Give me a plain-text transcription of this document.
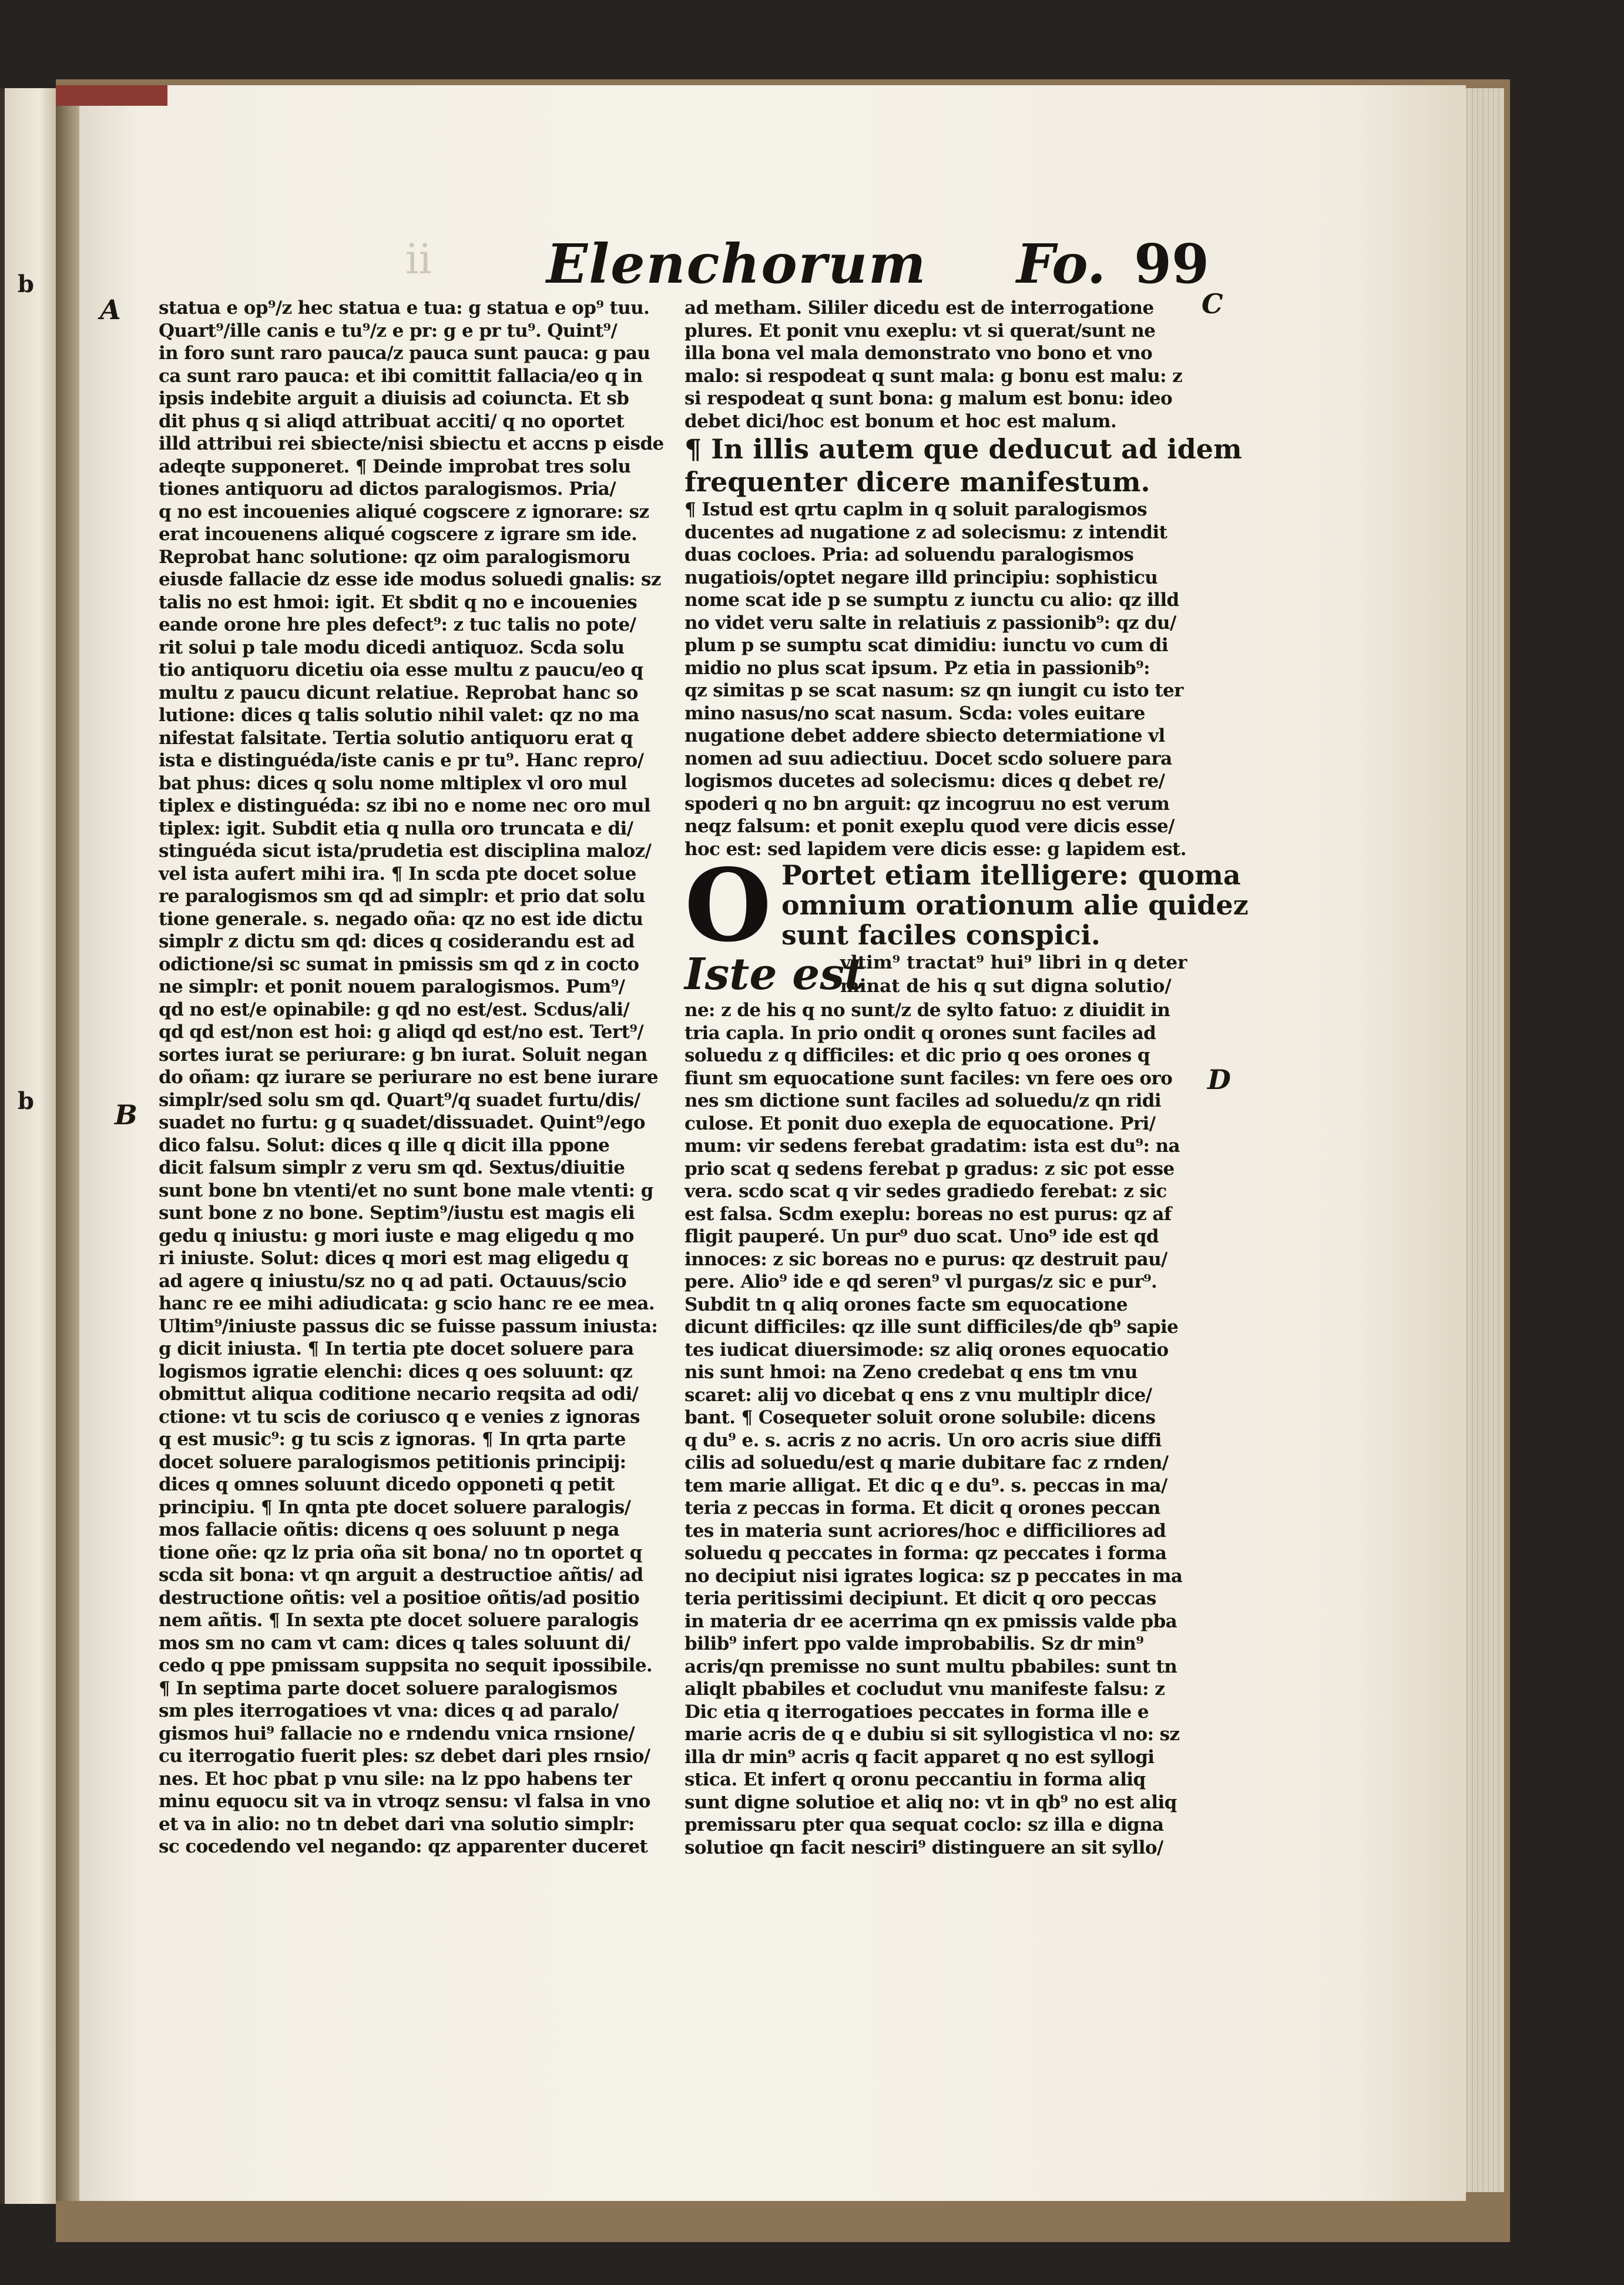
b
b
ii Elenchorum Fo. 99
A
B
C
D
statua e op⁹/z hec statua e tua: g statua e op⁹ tuu.
Quart⁹/ille canis e tu⁹/z e pr: g e pr tu⁹. Quint⁹/
in foro sunt raro pauca/z pauca sunt pauca: g pau
ca sunt raro pauca: et ibi comittit fallacia/eo q in
ipsis indebite arguit a diuisis ad coiuncta. Et sb
dit phus q si aliqd attribuat acciti/ q no oportet
illd attribui rei sbiecte/nisi sbiectu et accns p eisde
adeqte supponeret. ¶ Deinde improbat tres solu
tiones antiquoru ad dictos paralogismos. Pria/
q no est incouenies aliqué cogscere z ignorare: sz
erat incouenens aliqué cogscere z igrare sm ide.
Reprobat hanc solutione: qz oim paralogismoru
eiusde fallacie dz esse ide modus soluedi gnalis: sz
talis no est hmoi: igit. Et sbdit q no e incouenies
eande orone hre ples defect⁹: z tuc talis no pote/
rit solui p tale modu dicedi antiquoz. Scda solu
tio antiquoru dicetiu oia esse multu z paucu/eo q
multu z paucu dicunt relatiue. Reprobat hanc so
lutione: dices q talis solutio nihil valet: qz no ma
nifestat falsitate. Tertia solutio antiquoru erat q
ista e distinguéda/iste canis e pr tu⁹. Hanc repro/
bat phus: dices q solu nome mltiplex vl oro mul
tiplex e distinguéda: sz ibi no e nome nec oro mul
tiplex: igit. Subdit etia q nulla oro truncata e di/
stinguéda sicut ista/prudetia est disciplina maloz/
vel ista aufert mihi ira. ¶ In scda pte docet solue
re paralogismos sm qd ad simplr: et prio dat solu
tione generale. s. negado oña: qz no est ide dictu
simplr z dictu sm qd: dices q cosiderandu est ad
odictione/si sc sumat in pmissis sm qd z in cocto
ne simplr: et ponit nouem paralogismos. Pum⁹/
qd no est/e opinabile: g qd no est/est. Scdus/ali/
qd qd est/non est hoi: g aliqd qd est/no est. Tert⁹/
sortes iurat se periurare: g bn iurat. Soluit negan
do oñam: qz iurare se periurare no est bene iurare
simplr/sed solu sm qd. Quart⁹/q suadet furtu/dis/
suadet no furtu: g q suadet/dissuadet. Quint⁹/ego
dico falsu. Solut: dices q ille q dicit illa ppone
dicit falsum simplr z veru sm qd. Sextus/diuitie
sunt bone bn vtenti/et no sunt bone male vtenti: g
sunt bone z no bone. Septim⁹/iustu est magis eli
gedu q iniustu: g mori iuste e mag eligedu q mo
ri iniuste. Solut: dices q mori est mag eligedu q
ad agere q iniustu/sz no q ad pati. Octauus/scio
hanc re ee mihi adiudicata: g scio hanc re ee mea.
Ultim⁹/iniuste passus dic se fuisse passum iniusta:
g dicit iniusta. ¶ In tertia pte docet soluere para
logismos igratie elenchi: dices q oes soluunt: qz
obmittut aliqua coditione necario reqsita ad odi/
ctione: vt tu scis de coriusco q e venies z ignoras
q est music⁹: g tu scis z ignoras. ¶ In qrta parte
docet soluere paralogismos petitionis principij:
dices q omnes soluunt dicedo opponeti q petit
principiu. ¶ In qnta pte docet soluere paralogis/
mos fallacie oñtis: dicens q oes soluunt p nega
tione oñe: qz lz pria oña sit bona/ no tn oportet q
scda sit bona: vt qn arguit a destructioe añtis/ ad
destructione oñtis: vel a positioe oñtis/ad positio
nem añtis. ¶ In sexta pte docet soluere paralogis
mos sm no cam vt cam: dices q tales soluunt di/
cedo q ppe pmissam suppsita no sequit ipossibile.
¶ In septima parte docet soluere paralogismos
sm ples iterrogatioes vt vna: dices q ad paralo/
gismos hui⁹ fallacie no e rndendu vnica rnsione/
cu iterrogatio fuerit ples: sz debet dari ples rnsio/
nes. Et hoc pbat p vnu sile: na lz ppo habens ter
minu equocu sit va in vtroqz sensu: vl falsa in vno
et va in alio: no tn debet dari vna solutio simplr:
sc cocedendo vel negando: qz apparenter duceret
ad metham. Sililer dicedu est de interrogatione
plures. Et ponit vnu exeplu: vt si querat/sunt ne
illa bona vel mala demonstrato vno bono et vno
malo: si respodeat q sunt mala: g bonu est malu: z
si respodeat q sunt bona: g malum est bonu: ideo
debet dici/hoc est bonum et hoc est malum.
¶ In illis autem que deducut ad idem
frequenter dicere manifestum.
¶ Istud est qrtu caplm in q soluit paralogismos
ducentes ad nugatione z ad solecismu: z intendit
duas cocloes. Pria: ad soluendu paralogismos
nugatiois/optet negare illd principiu: sophisticu
nome scat ide p se sumptu z iunctu cu alio: qz illd
no videt veru salte in relatiuis z passionib⁹: qz du/
plum p se sumptu scat dimidiu: iunctu vo cum di
midio no plus scat ipsum. Pz etia in passionib⁹:
qz simitas p se scat nasum: sz qn iungit cu isto ter
mino nasus/no scat nasum. Scda: voles euitare
nugatione debet addere sbiecto determiatione vl
nomen ad suu adiectiuu. Docet scdo soluere para
logismos ducetes ad solecismu: dices q debet re/
spoderi q no bn arguit: qz incogruu no est verum
neqz falsum: et ponit exeplu quod vere dicis esse/
hoc est: sed lapidem vere dicis esse: g lapidem est.
O Portet etiam itelligere: quoma
omnium orationum alie quidez
sunt faciles conspici.
Iste est
vltim⁹ tractat⁹ hui⁹ libri in q deter
minat de his q sut digna solutio/
ne: z de his q no sunt/z de sylto fatuo: z diuidit in
tria capla. In prio ondit q orones sunt faciles ad
soluedu z q difficiles: et dic prio q oes orones q
fiunt sm equocatione sunt faciles: vn fere oes oro
nes sm dictione sunt faciles ad soluedu/z qn ridi
culose. Et ponit duo exepla de equocatione. Pri/
mum: vir sedens ferebat gradatim: ista est du⁹: na
prio scat q sedens ferebat p gradus: z sic pot esse
vera. scdo scat q vir sedes gradiedo ferebat: z sic
est falsa. Scdm exeplu: boreas no est purus: qz af
fligit pauperé. Un pur⁹ duo scat. Uno⁹ ide est qd
innoces: z sic boreas no e purus: qz destruit pau/
pere. Alio⁹ ide e qd seren⁹ vl purgas/z sic e pur⁹.
Subdit tn q aliq orones facte sm equocatione
dicunt difficiles: qz ille sunt difficiles/de qb⁹ sapie
tes iudicat diuersimode: sz aliq orones equocatio
nis sunt hmoi: na Zeno credebat q ens tm vnu
scaret: alij vo dicebat q ens z vnu multiplr dice/
bant. ¶ Cosequeter soluit orone solubile: dicens
q du⁹ e. s. acris z no acris. Un oro acris siue diffi
cilis ad soluedu/est q marie dubitare fac z rnden/
tem marie alligat. Et dic q e du⁹. s. peccas in ma/
teria z peccas in forma. Et dicit q orones peccan
tes in materia sunt acriores/hoc e difficiliores ad
soluedu q peccates in forma: qz peccates i forma
no decipiut nisi igrates logica: sz p peccates in ma
teria peritissimi decipiunt. Et dicit q oro peccas
in materia dr ee acerrima qn ex pmissis valde pba
bilib⁹ infert ppo valde improbabilis. Sz dr min⁹
acris/qn premisse no sunt multu pbabiles: sunt tn
aliqlt pbabiles et cocludut vnu manifeste falsu: z
Dic etia q iterrogatioes peccates in forma ille e
marie acris de q e dubiu si sit syllogistica vl no: sz
illa dr min⁹ acris q facit apparet q no est syllogi
stica. Et infert q oronu peccantiu in forma aliq
sunt digne solutioe et aliq no: vt in qb⁹ no est aliq
premissaru pter qua sequat coclo: sz illa e digna
solutioe qn facit nesciri⁹ distinguere an sit syllo/
